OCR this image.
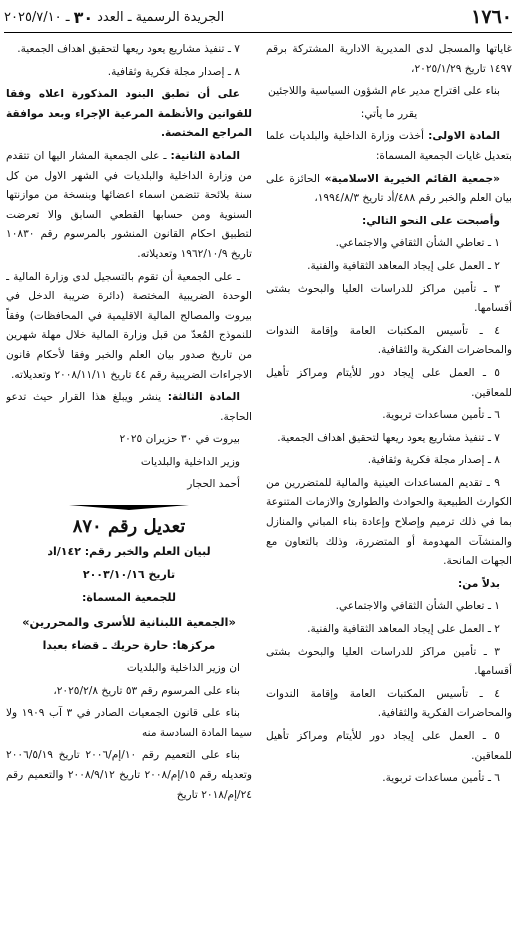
١٧٦٠
الجريدة الرسمية ـ العدد
٣٠
ـ ٢٠٢٥/٧/١٠

غاياتها والمسجل لدى المديرية الادارية المشتركة برقم ١٤٩٧ تاريخ ٢٠٢٥/١/٢٩،

بناء على اقتراح مدير عام الشؤون السياسية واللاجئين

يقرر ما يأتي:

المادة الاولى: أخذت وزارة الداخلية والبلديات علما بتعديل غايات الجمعية المسماة:

«جمعية القائم الخيرية الاسلامية» الحائزة على بيان العلم والخبر رقم ٤٨٨/أد تاريخ ١٩٩٤/٨/٣،

وأصبحت على النحو التالي:

١ ـ تعاطي الشأن الثقافي والاجتماعي.

٢ ـ العمل على إيجاد المعاهد الثقافية والفنية.

٣ ـ تأمين مراكز للدراسات العليا والبحوث بشتى أقسامها.

٤ ـ تأسيس المكتبات العامة وإقامة الندوات والمحاضرات الفكرية والثقافية.

٥ ـ العمل على إيجاد دور للأيتام ومراكز تأهيل للمعاقين.

٦ ـ تأمين مساعدات تربوية.

٧ ـ تنفيذ مشاريع يعود ريعها لتحقيق اهداف الجمعية.

٨ ـ إصدار مجلة فكرية وثقافية.

٩ ـ تقديم المساعدات العينية والمالية للمتضررين من الكوارث الطبيعية والحوادث والطوارئ والازمات المتنوعة بما في ذلك ترميم وإصلاح وإعادة بناء المباني والمنازل والمنشآت المهدومة أو المتضررة، وذلك بالتعاون مع الجهات المانحة.

بدلاً من:

١ ـ تعاطي الشأن الثقافي والاجتماعي.

٢ ـ العمل على إيجاد المعاهد الثقافية والفنية.

٣ ـ تأمين مراكز للدراسات العليا والبحوث بشتى أقسامها.

٤ ـ تأسيس المكتبات العامة وإقامة الندوات والمحاضرات الفكرية والثقافية.

٥ ـ العمل على إيجاد دور للأيتام ومراكز تأهيل للمعاقين.

٦ ـ تأمين مساعدات تربوية.

٧ ـ تنفيذ مشاريع يعود ريعها لتحقيق اهداف الجمعية.

٨ ـ إصدار مجلة فكرية وثقافية.

على أن تطبق البنود المذكورة اعلاه وفقا للقوانين والأنظمة المرعية الإجراء وبعد موافقة المراجع المختصة.

المادة الثانية: ـ على الجمعية المشار اليها ان تتقدم من وزارة الداخلية والبلديات في الشهر الاول من كل سنة بلائحة تتضمن اسماء اعضائها وبنسخة من موازنتها السنوية ومن حسابها القطعي السابق والا تعرضت لتطبيق احكام القانون المنشور بالمرسوم رقم ١٠٨٣٠ تاريخ ١٩٦٢/١٠/٩ وتعديلاته.

ـ على الجمعية أن تقوم بالتسجيل لدى وزارة المالية ـ الوحدة الضريبية المختصة (دائرة ضريبة الدخل في بيروت والمصالح المالية الاقليمية في المحافظات) وفقاً للنموذج المُعدّ من قبل وزارة المالية خلال مهلة شهرين من تاريخ صدور بيان العلم والخبر وفقا لأحكام قانون الاجراءات الضريبية رقم ٤٤ تاريخ ٢٠٠٨/١١/١١ وتعديلاته.

المادة الثالثة: ينشر ويبلغ هذا القرار حيث تدعو الحاجة.

بيروت في ٣٠ حزيران ٢٠٢٥

وزير الداخلية والبلديات

أحمد الحجار

تعديل رقم ٨٧٠

لبيان العلم والخبر رقم: ١٤٢/اد

تاريخ ٢٠٠٣/١٠/١٦

للجمعية المسماة:

«الجمعية اللبنانية للأسرى والمحررين»

مركزها: حارة حريك ـ قضاء بعبدا

ان وزير الداخلية والبلديات

بناء على المرسوم رقم ٥٣ تاريخ ٢٠٢٥/٢/٨،

بناء على قانون الجمعيات الصادر في ٣ آب ١٩٠٩ ولا سيما المادة السادسة منه

بناء على التعميم رقم ١٠/إم/٢٠٠٦ تاريخ ٢٠٠٦/٥/١٩ وتعديله رقم ١٥/إم/٢٠٠٨ تاريخ ٢٠٠٨/٩/١٢ والتعميم رقم ٢٤/إم/٢٠١٨ تاريخ
